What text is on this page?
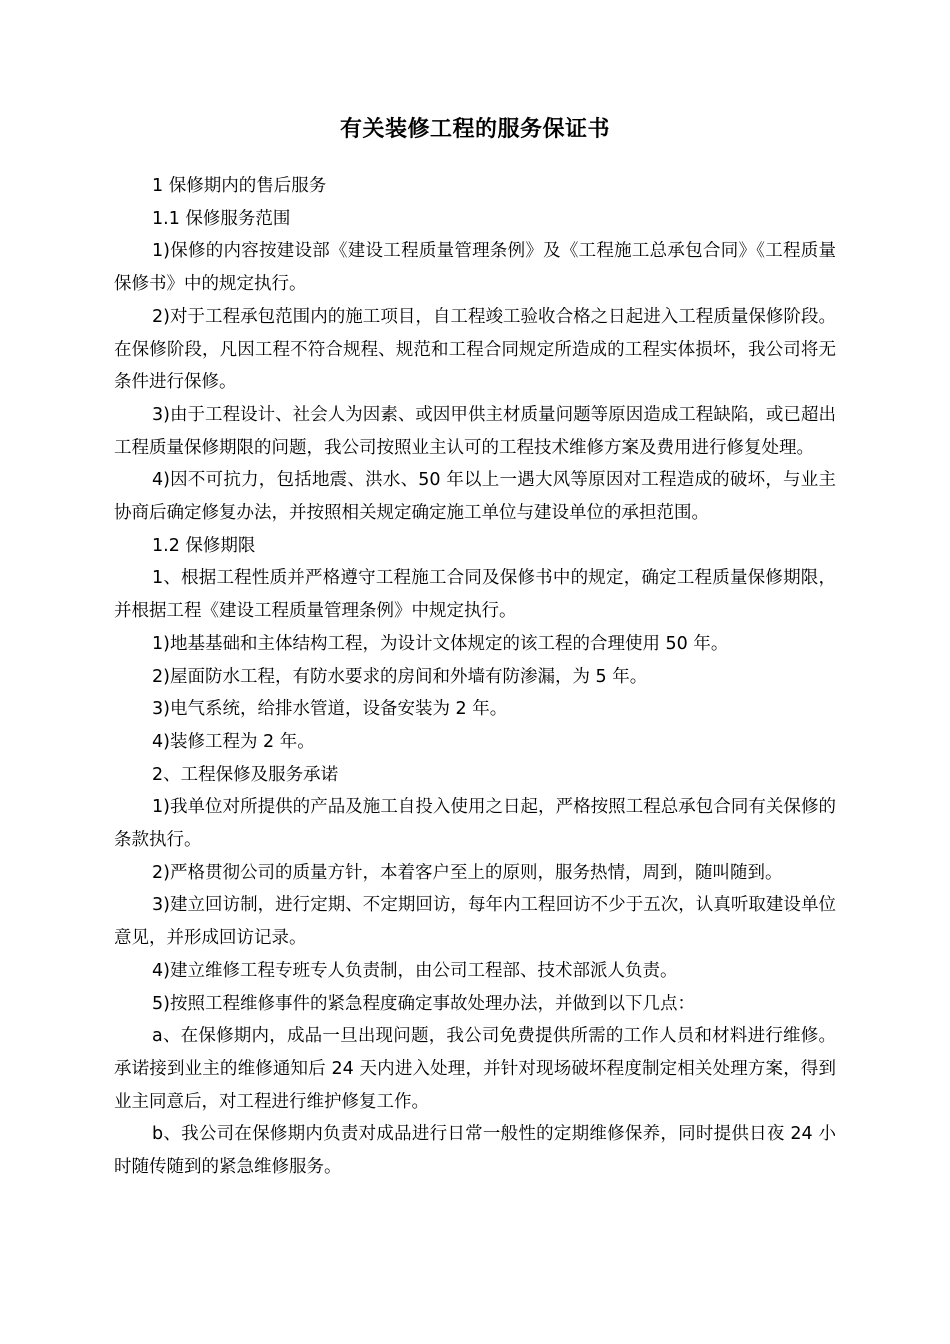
有关装修工程的服务保证书

1 保修期内的售后服务

1.1 保修服务范围

1)保修的内容按建设部《建设工程质量管理条例》及《工程施工总承包合同》《工程质量保修书》中的规定执行。

2)对于工程承包范围内的施工项目，自工程竣工验收合格之日起进入工程质量保修阶段。在保修阶段，凡因工程不符合规程、规范和工程合同规定所造成的工程实体损坏，我公司将无条件进行保修。

3)由于工程设计、社会人为因素、或因甲供主材质量问题等原因造成工程缺陷，或已超出工程质量保修期限的问题，我公司按照业主认可的工程技术维修方案及费用进行修复处理。

4)因不可抗力，包括地震、洪水、50 年以上一遇大风等原因对工程造成的破坏，与业主协商后确定修复办法，并按照相关规定确定施工单位与建设单位的承担范围。

1.2 保修期限

1、根据工程性质并严格遵守工程施工合同及保修书中的规定，确定工程质量保修期限，并根据工程《建设工程质量管理条例》中规定执行。

1)地基基础和主体结构工程，为设计文体规定的该工程的合理使用 50 年。

2)屋面防水工程，有防水要求的房间和外墙有防渗漏，为 5 年。

3)电气系统，给排水管道，设备安装为 2 年。

4)装修工程为 2 年。

2、工程保修及服务承诺

1)我单位对所提供的产品及施工自投入使用之日起，严格按照工程总承包合同有关保修的条款执行。

2)严格贯彻公司的质量方针，本着客户至上的原则，服务热情，周到，随叫随到。

3)建立回访制，进行定期、不定期回访，每年内工程回访不少于五次，认真听取建设单位意见，并形成回访记录。

4)建立维修工程专班专人负责制，由公司工程部、技术部派人负责。

5)按照工程维修事件的紧急程度确定事故处理办法，并做到以下几点：

a、在保修期内，成品一旦出现问题，我公司免费提供所需的工作人员和材料进行维修。承诺接到业主的维修通知后 24 天内进入处理，并针对现场破坏程度制定相关处理方案，得到业主同意后，对工程进行维护修复工作。

b、我公司在保修期内负责对成品进行日常一般性的定期维修保养，同时提供日夜 24 小时随传随到的紧急维修服务。
